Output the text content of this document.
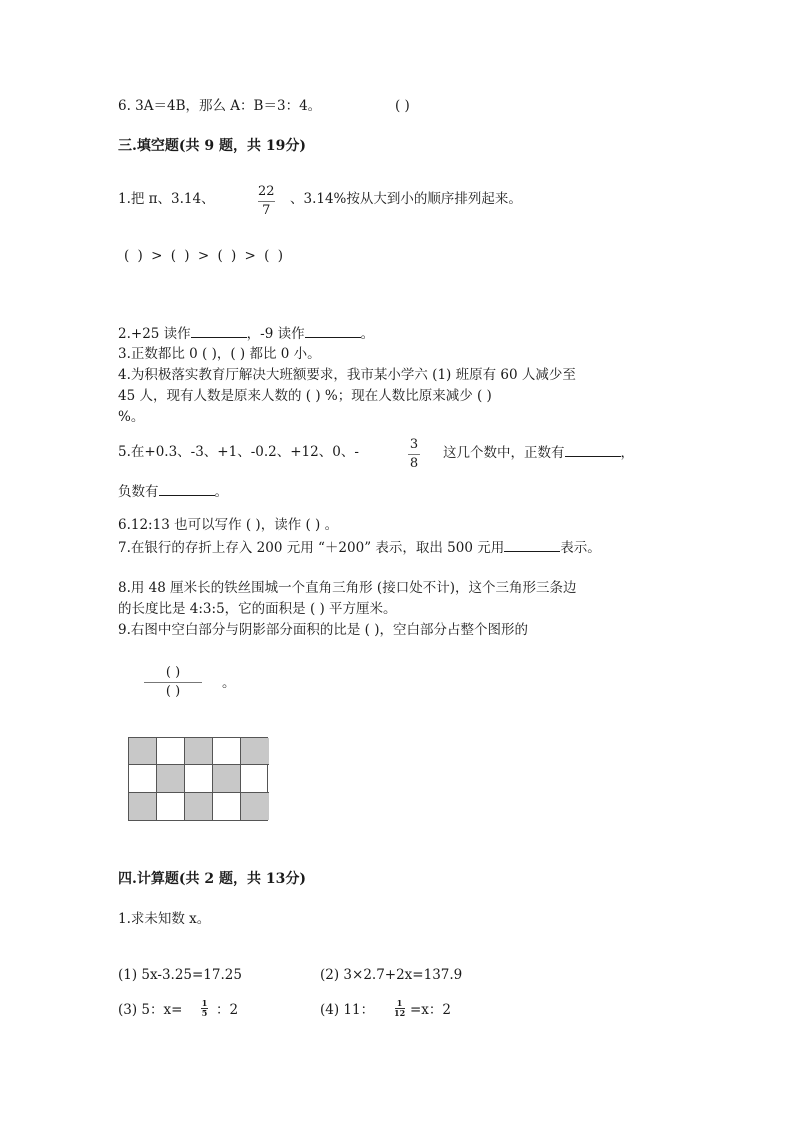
6. 3A＝4B，那么 A：B＝3：4。	( )
三.填空题(共 9 题，共 19分)
1.把 π、3.14、	22
7
、3.14%按从大到小的顺序排列起来。
( ) > ( ) > ( ) > ( )
2.+25 读作	，-9 读作	。
3.正数都比 0 ( )，( ) 都比 0 小。
4.为积极落实教育厅解决大班额要求，我市某小学六 (1) 班原有 60 人减少至
45 人，现有人数是原来人数的 ( ) %；现在人数比原来减少 ( )
%。
5.在+0.3、-3、+1、-0.2、+12、0、-	3
8
这几个数中，正数有	，
负数有	。
6.12:13 也可以写作 ( )，读作 ( ) 。
7.在银行的存折上存入 200 元用 “＋200” 表示，取出 500 元用	表示。
8.用 48 厘米长的铁丝围城一个直角三角形 (接口处不计)，这个三角形三条边
的长度比是 4:3:5，它的面积是 ( ) 平方厘米。
9.右图中空白部分与阴影部分面积的比是 ( )，空白部分占整个图形的
( )
( )
。
四.计算题(共 2 题，共 13分)
1.求未知数 x。
(1) 5x-3.25=17.25	(2) 3×2.7+2x=137.9
(3) 5：x= 1
5 ：2	(4) 11：	1
12 =x：2
